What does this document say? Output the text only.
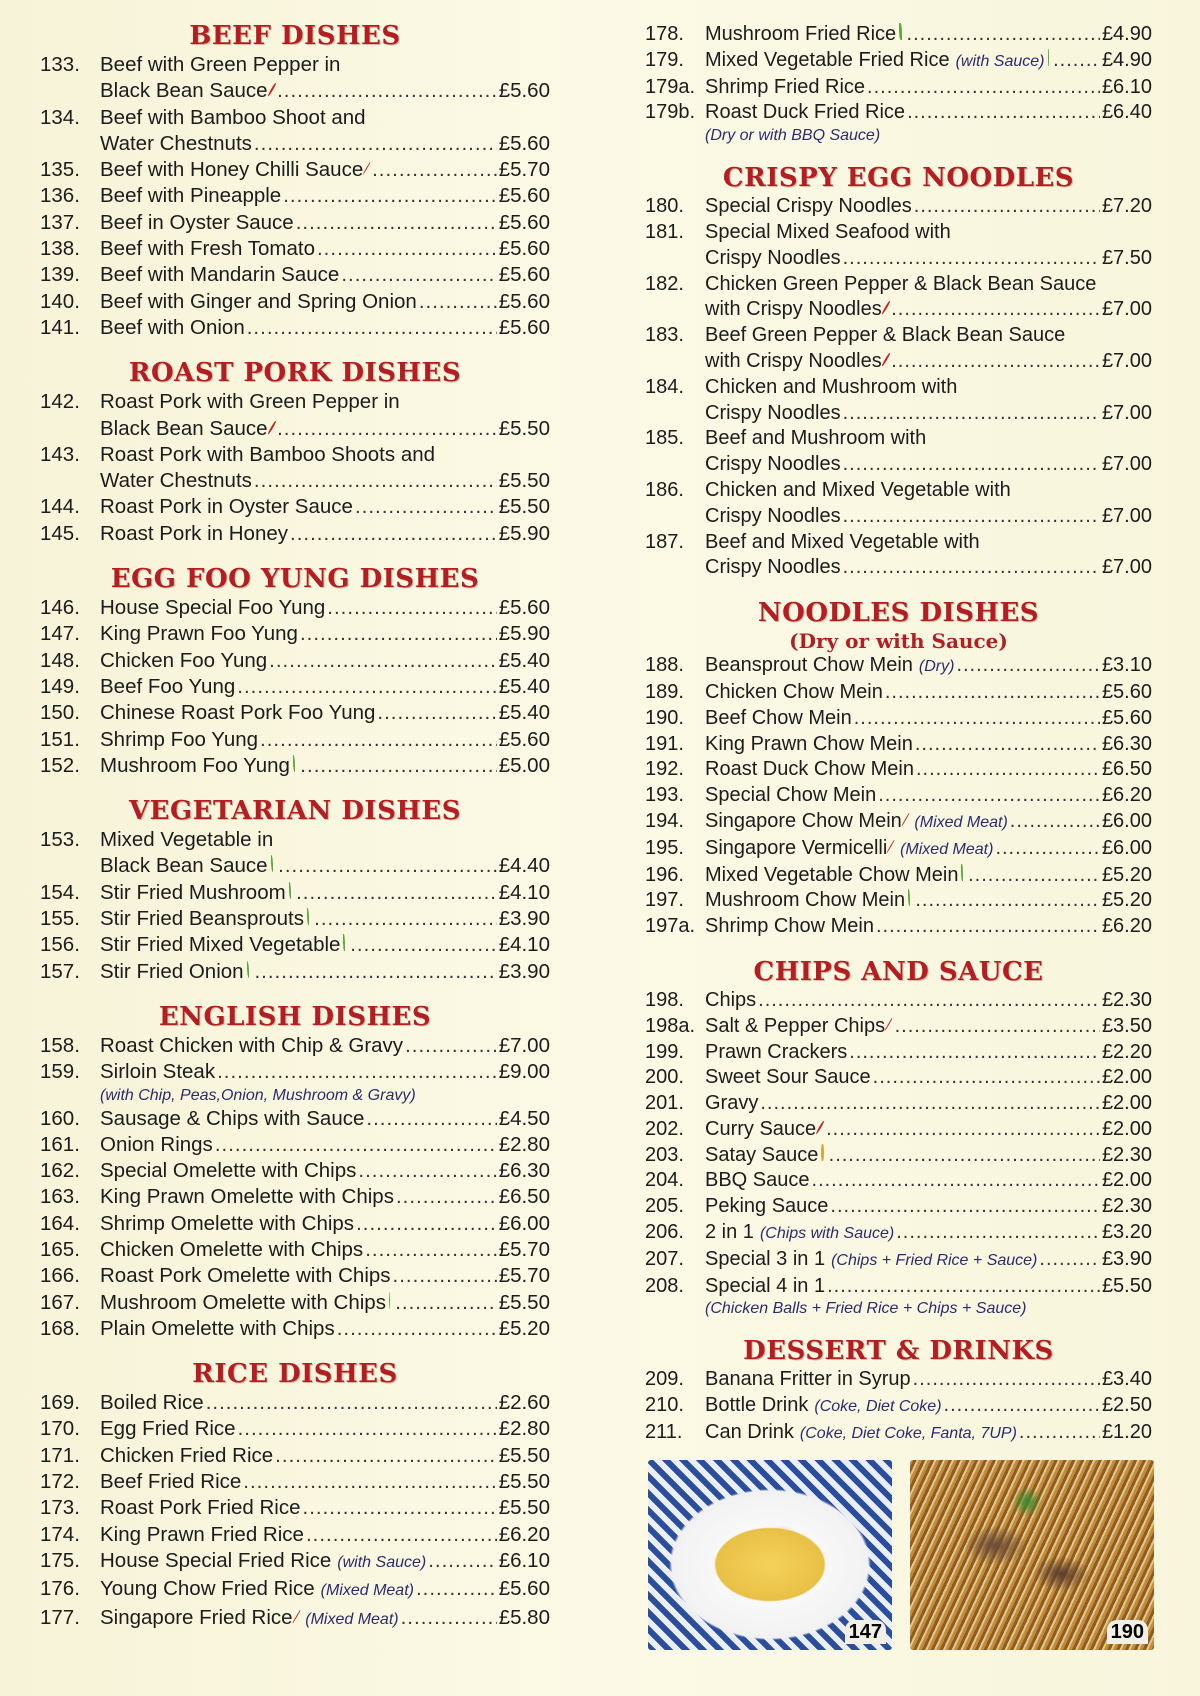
BEEF DISHES
133. Beef with Green Pepper in
Black Bean Sauce .....	£5.60
134. Beef with Bamboo Shoot and
Water Chestnuts .....	£5.60
135. Beef with Honey Chilli Sauce .....	£5.70
136. Beef with Pineapple .....	£5.60
137. Beef in Oyster Sauce .....	£5.60
138. Beef with Fresh Tomato .....	£5.60
139. Beef with Mandarin Sauce .....	£5.60
140. Beef with Ginger and Spring Onion .....	£5.60
141. Beef with Onion .....	£5.60
ROAST PORK DISHES
142. Roast Pork with Green Pepper in
Black Bean Sauce .....	£5.50
143. Roast Pork with Bamboo Shoots and
Water Chestnuts .....	£5.50
144. Roast Pork in Oyster Sauce .....	£5.50
145. Roast Pork in Honey .....	£5.90
EGG FOO YUNG DISHES
146. House Special Foo Yung .....	£5.60
147. King Prawn Foo Yung .....	£5.90
148. Chicken Foo Yung .....	£5.40
149. Beef Foo Yung .....	£5.40
150. Chinese Roast Pork Foo Yung .....	£5.40
151. Shrimp Foo Yung .....	£5.60
152. Mushroom Foo Yung .....	£5.00
VEGETARIAN DISHES
153. Mixed Vegetable in
Black Bean Sauce .....	£4.40
154. Stir Fried Mushroom .....	£4.10
155. Stir Fried Beansprouts .....	£3.90
156. Stir Fried Mixed Vegetable .....	£4.10
157. Stir Fried Onion .....	£3.90
ENGLISH DISHES
158. Roast Chicken with Chip & Gravy .....	£7.00
159. Sirloin Steak .....	£9.00
(with Chip, Peas,Onion, Mushroom & Gravy)
160. Sausage & Chips with Sauce .....	£4.50
161. Onion Rings .....	£2.80
162. Special Omelette with Chips .....	£6.30
163. King Prawn Omelette with Chips .....	£6.50
164. Shrimp Omelette with Chips .....	£6.00
165. Chicken Omelette with Chips .....	£5.70
166. Roast Pork Omelette with Chips .....	£5.70
167. Mushroom Omelette with Chips .....	£5.50
168. Plain Omelette with Chips .....	£5.20
RICE DISHES
169. Boiled Rice .....	£2.60
170. Egg Fried Rice .....	£2.80
171. Chicken Fried Rice .....	£5.50
172. Beef Fried Rice .....	£5.50
173. Roast Pork Fried Rice .....	£5.50
174. King Prawn Fried Rice .....	£6.20
175. House Special Fried Rice (with Sauce) .....	£6.10
176. Young Chow Fried Rice (Mixed Meat) .....	£5.60
177. Singapore Fried Rice (Mixed Meat) .....	£5.80
178.	Mushroom Fried Rice .....	£4.90
179.	Mixed Vegetable Fried Rice (with Sauce) .....	£4.90
179a. Shrimp Fried Rice .....	£6.10
179b. Roast Duck Fried Rice .....	£6.40
(Dry or with BBQ Sauce)
CRISPY EGG NOODLES
180.	Special Crispy Noodles .....	£7.20
181.	Special Mixed Seafood with
Crispy Noodles .....	£7.50
182.	Chicken Green Pepper & Black Bean Sauce
with Crispy Noodles .....	£7.00
183.	Beef Green Pepper & Black Bean Sauce
with Crispy Noodles .....	£7.00
184.	Chicken and Mushroom with
Crispy Noodles .....	£7.00
185.	Beef and Mushroom with
Crispy Noodles .....	£7.00
186.	Chicken and Mixed Vegetable with
Crispy Noodles .....	£7.00
187.	Beef and Mixed Vegetable with
Crispy Noodles .....	£7.00
NOODLES DISHES
(Dry or with Sauce)
188.	Beansprout Chow Mein (Dry) .....	£3.10
189.	Chicken Chow Mein .....	£5.60
190.	Beef Chow Mein .....	£5.60
191.	King Prawn Chow Mein .....	£6.30
192.	Roast Duck Chow Mein .....	£6.50
193.	Special Chow Mein .....	£6.20
194.	Singapore Chow Mein (Mixed Meat) .....	£6.00
195.	Singapore Vermicelli (Mixed Meat) .....	£6.00
196.	Mixed Vegetable Chow Mein .....	£5.20
197.	Mushroom Chow Mein .....	£5.20
197a. Shrimp Chow Mein .....	£6.20
CHIPS AND SAUCE
198.	Chips .....	£2.30
198a. Salt & Pepper Chips .....	£3.50
199.	Prawn Crackers .....	£2.20
200.	Sweet Sour Sauce .....	£2.00
201.	Gravy .....	£2.00
202.	Curry Sauce .....	£2.00
203.	Satay Sauce .....	£2.30
204.	BBQ Sauce .....	£2.00
205.	Peking Sauce .....	£2.30
206.	2 in 1 (Chips with Sauce) .....	£3.20
207.	Special 3 in 1 (Chips + Fried Rice + Sauce) .....	£3.90
208.	Special 4 in 1 .....	£5.50
(Chicken Balls + Fried Rice + Chips + Sauce)
DESSERT & DRINKS
209.	Banana Fritter in Syrup .....	£3.40
210.	Bottle Drink (Coke, Diet Coke) .....	£2.50
211.	Can Drink (Coke, Diet Coke, Fanta, 7UP) .....	£1.20
147	190
